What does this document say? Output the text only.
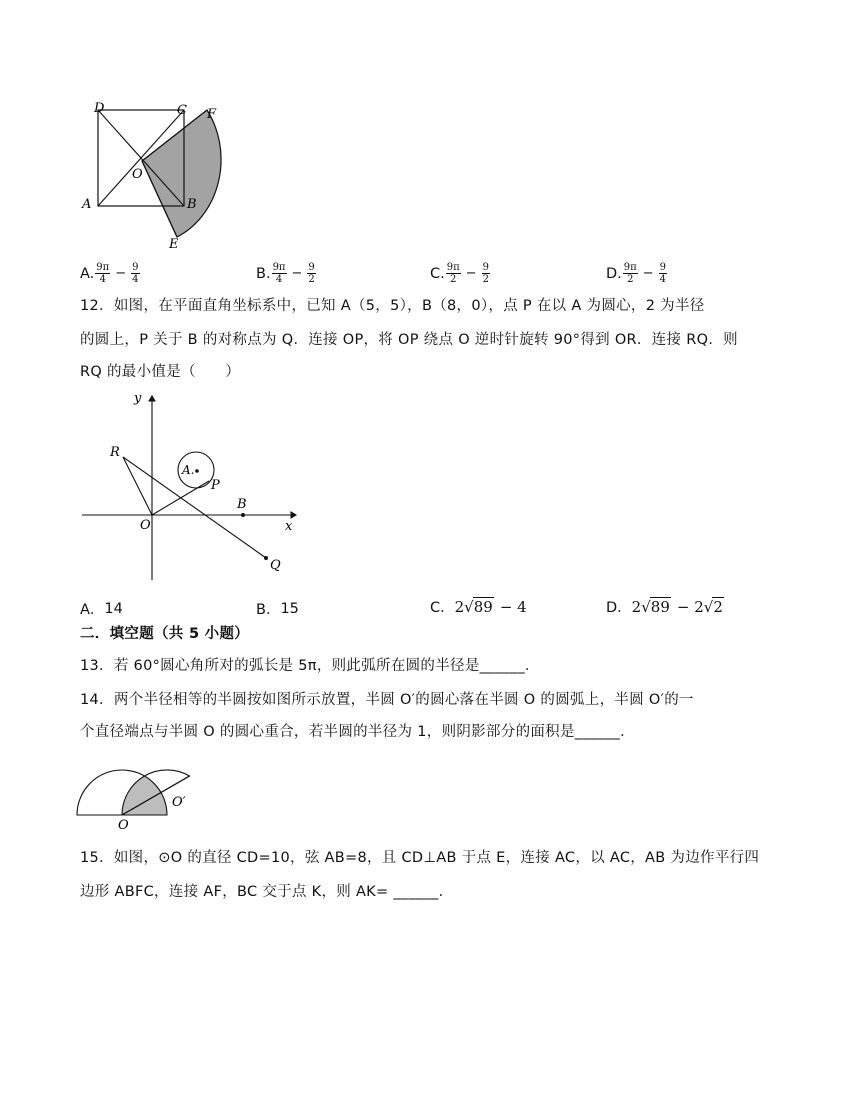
D	C F
O
A	B
E
A. $\frac{9\pi}{4} - \frac{9}{4}$	B. $\frac{9\pi}{4} - \frac{9}{2}$	C. $\frac{9\pi}{2} - \frac{9}{2}$	D. $\frac{9\pi}{2} - \frac{9}{4}$
12．如图，在平面直角坐标系中，已知 A（5，5），B（8，0），点 P 在以 A 为圆心，2 为半径
的圆上，P 关于 B 的对称点为 Q．连接 OP，将 OP 绕点 O 逆时针旋转 90°得到 OR．连接 RQ．则
RQ 的最小值是（　　）
y
R
A.
P
B
O	x
Q
A． 14	B． 15	C． 2 √ 89 − 4	D． 2 √ 89 − 2 √ 2
二．填空题（共 5 小题）
13．若 60°圆心角所对的弧长是 5π，则此弧所在圆的半径是______．
14．两个半径相等的半圆按如图所示放置，半圆 O′的圆心落在半圆 O 的圆弧上，半圆 O′的一
个直径端点与半圆 O 的圆心重合，若半圆的半径为 1，则阴影部分的面积是______．
O
O′
15．如图，⊙O 的直径 CD=10，弦 AB=8，且 CD⊥AB 于点 E，连接 AC，以 AC，AB 为边作平行四
边形 ABFC，连接 AF，BC 交于点 K，则 AK= ______．
